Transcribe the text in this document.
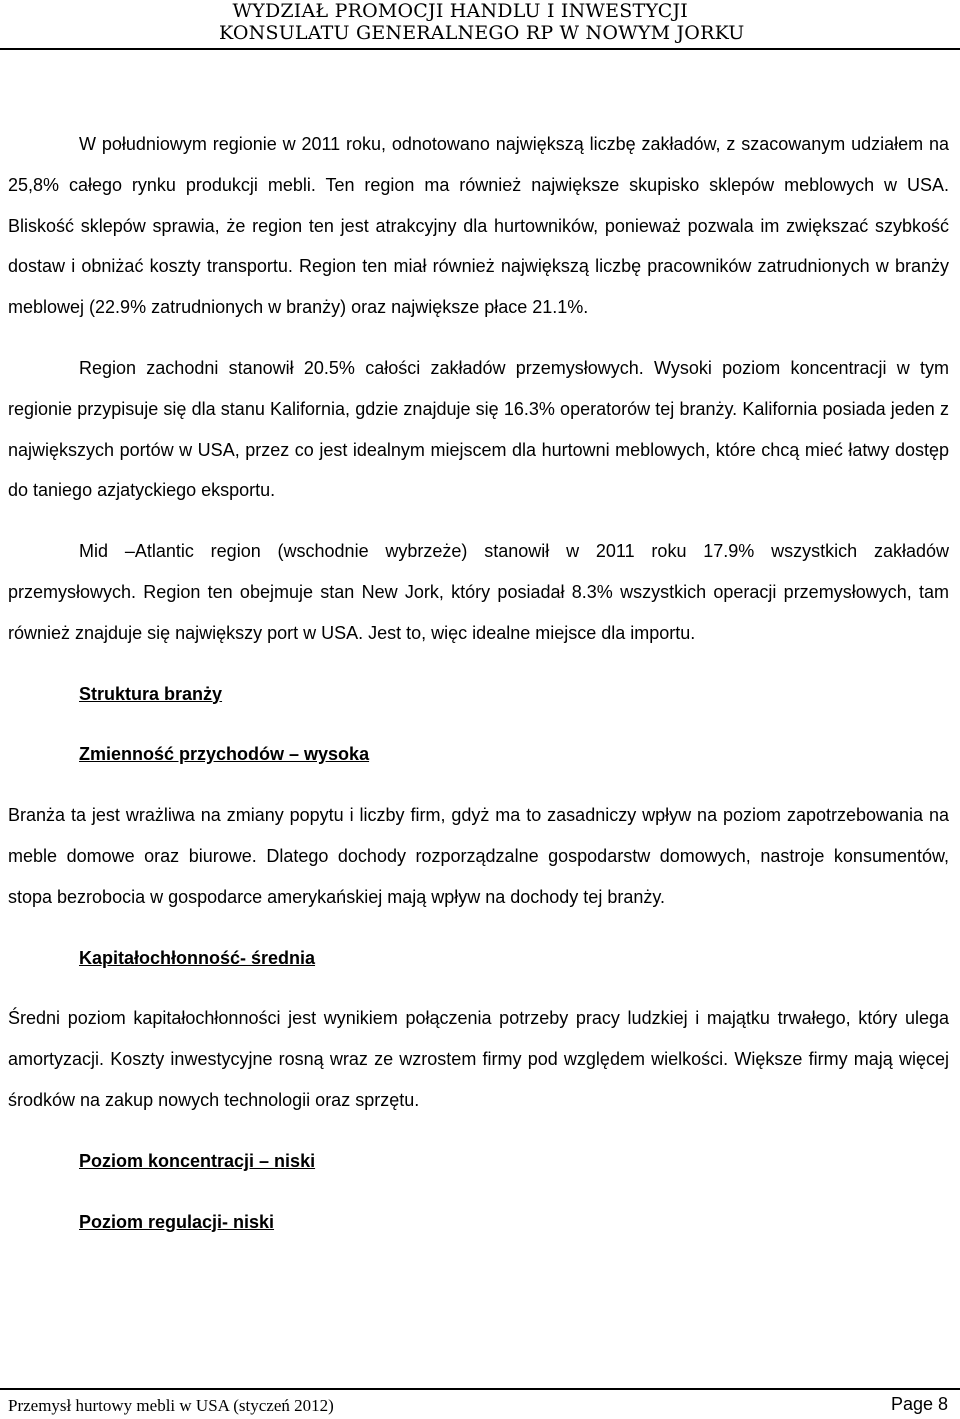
WYDZIAŁ PROMOCJI HANDLU I INWESTYCJI
KONSULATU GENERALNEGO RP W NOWYM JORKU

W południowym regionie w 2011 roku, odnotowano największą liczbę zakładów, z szacowanym udziałem na 25,8% całego rynku produkcji mebli. Ten region ma również największe skupisko sklepów meblowych w USA. Bliskość sklepów sprawia, że region ten jest atrakcyjny dla hurtowników, ponieważ pozwala im zwiększać szybkość dostaw i obniżać koszty transportu. Region ten miał również największą liczbę pracowników zatrudnionych w branży meblowej (22.9% zatrudnionych w branży) oraz największe płace 21.1%.

Region zachodni stanowił 20.5% całości zakładów przemysłowych. Wysoki poziom koncentracji w tym regionie przypisuje się dla stanu Kalifornia, gdzie znajduje się 16.3% operatorów tej branży. Kalifornia posiada jeden z największych portów w USA, przez co jest idealnym miejscem dla hurtowni meblowych, które chcą mieć łatwy dostęp do taniego azjatyckiego eksportu.

Mid –Atlantic region (wschodnie wybrzeże) stanowił w 2011 roku 17.9% wszystkich zakładów przemysłowych. Region ten obejmuje stan New Jork, który posiadał 8.3% wszystkich operacji przemysłowych, tam również znajduje się największy port w USA. Jest to, więc idealne miejsce dla importu.

Struktura branży

Zmienność przychodów – wysoka

Branża ta jest wrażliwa na zmiany popytu i liczby firm, gdyż ma to zasadniczy wpływ na poziom zapotrzebowania na meble domowe oraz biurowe. Dlatego dochody rozporządzalne gospodarstw domowych, nastroje konsumentów, stopa bezrobocia w gospodarce amerykańskiej mają wpływ na dochody tej branży.

Kapitałochłonność- średnia

Średni poziom kapitałochłonności jest wynikiem połączenia potrzeby pracy ludzkiej i majątku trwałego, który ulega amortyzacji. Koszty inwestycyjne rosną wraz ze wzrostem firmy pod względem wielkości. Większe firmy mają więcej środków na zakup nowych technologii oraz sprzętu.

Poziom koncentracji – niski

Poziom regulacji- niski

Przemysł hurtowy mebli w USA (styczeń 2012)	Page 8
